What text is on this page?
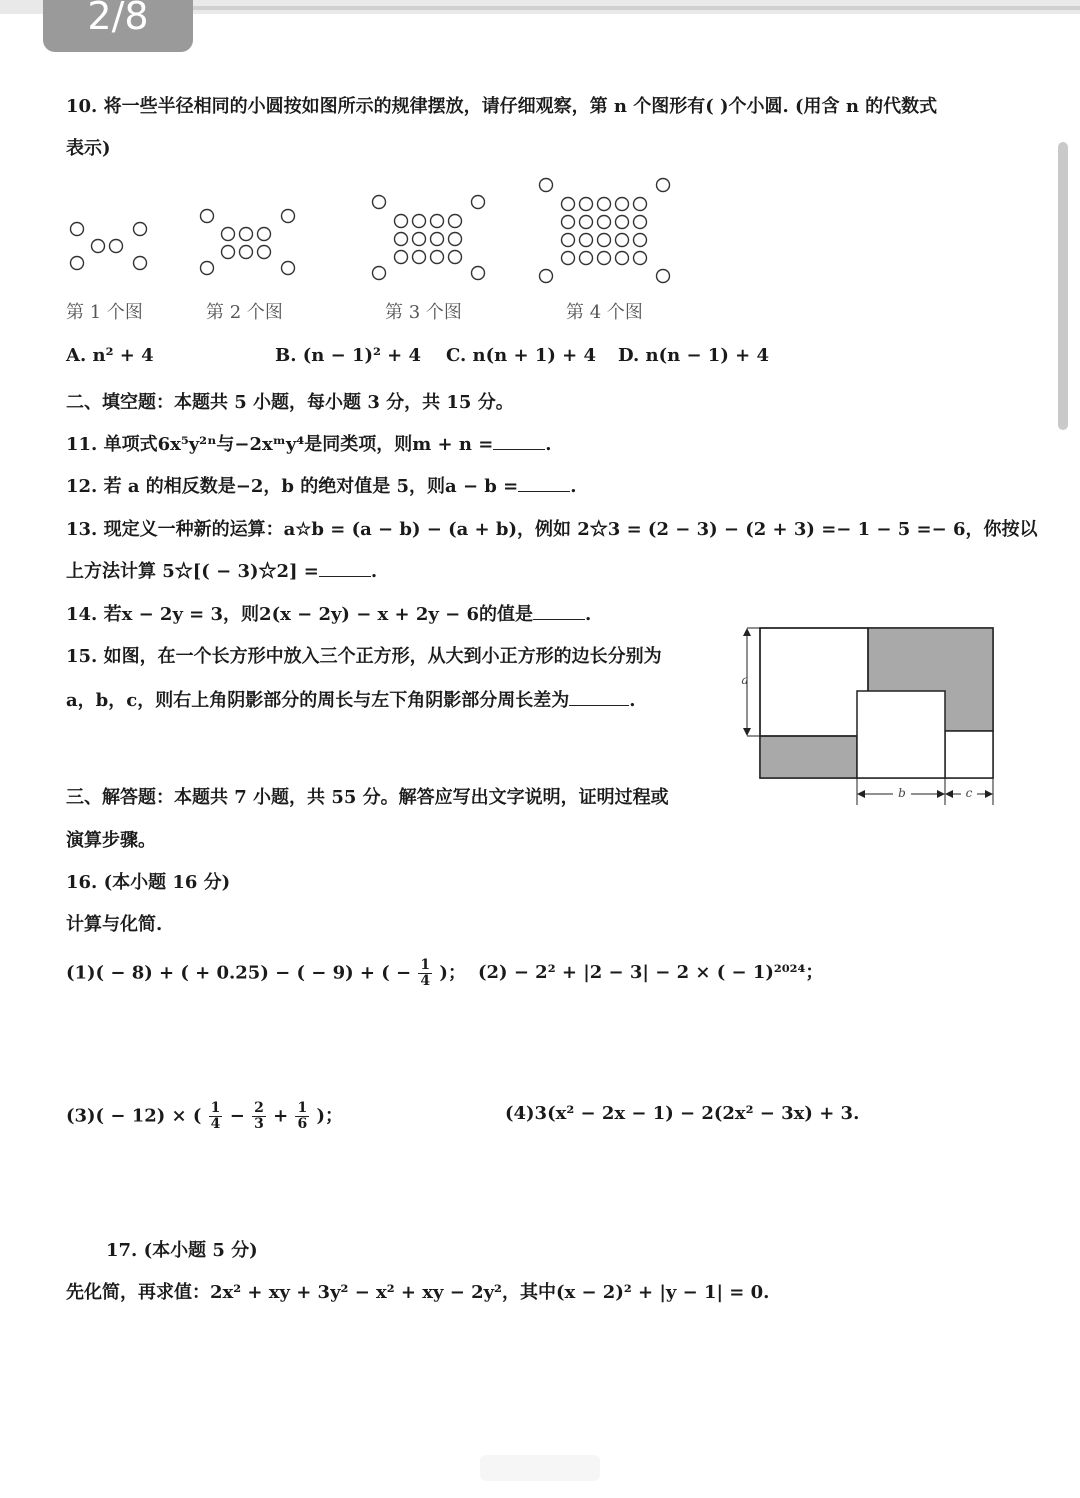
2/8
10. 将一些半径相同的小圆按如图所示的规律摆放，请仔细观察，第 n 个图形有( )个小圆. (用含 n 的代数式
表示)
第 1 个图	第 2 个图	第 3 个图	第 4 个图
A. n² + 4	B. (n − 1)² + 4 C. n(n + 1) + 4 D. n(n − 1) + 4
二、填空题：本题共 5 小题，每小题 3 分，共 15 分。
11. 单项式6x⁵y²ⁿ与−2xᵐy⁴是同类项，则m + n =	.
12. 若 a 的相反数是−2，b 的绝对值是 5，则a − b =	.
13. 现定义一种新的运算：a☆b = (a − b) − (a + b)，例如 2☆3 = (2 − 3) − (2 + 3) =− 1 − 5 =− 6，你按以
上方法计算 5☆[( − 3)☆2] =	.
14. 若x − 2y = 3，则2(x − 2y) − x + 2y − 6的值是	.
15. 如图，在一个长方形中放入三个正方形，从大到小正方形的边长分别为
a，b，c，则右上角阴影部分的周长与左下角阴影部分周长差为	.
a
b	c
三、解答题：本题共 7 小题，共 55 分。解答应写出文字说明，证明过程或
演算步骤。
16. (本小题 16 分)
计算与化简.
(1)( − 8) + ( + 0.25) − ( − 9) + ( − $\frac{1}{4}$ )； (2) − 2² + |2 − 3| − 2 × ( − 1)²⁰²⁴；
(3)( − 12) × ( $\frac{1}{4} - \frac{2}{3} + \frac{1}{6}$ )；	(4)3(x² − 2x − 1) − 2(2x² − 3x) + 3.
17. (本小题 5 分)
先化简，再求值：2x² + xy + 3y² − x² + xy − 2y²，其中(x − 2)² + |y − 1| = 0.
